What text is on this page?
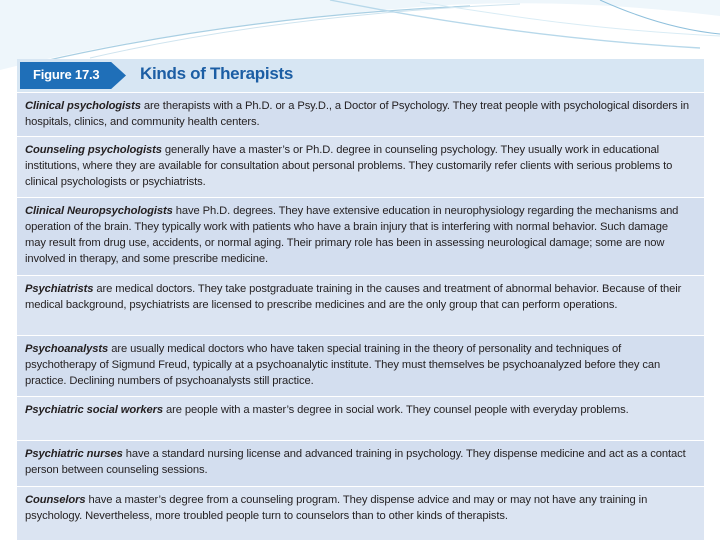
Figure 17.3 Kinds of Therapists
Clinical psychologists are therapists with a Ph.D. or a Psy.D., a Doctor of Psychology. They treat people with psychological disorders in hospitals, clinics, and community health centers.
Counseling psychologists generally have a master’s or Ph.D. degree in counseling psychology. They usually work in educational institutions, where they are available for consultation about personal problems. They customarily refer clients with serious problems to clinical psychologists or psychiatrists.
Clinical Neuropsychologists have Ph.D. degrees. They have extensive education in neurophysiology regarding the mechanisms and operation of the brain. They typically work with patients who have a brain injury that is interfering with normal behavior. Such damage may result from drug use, accidents, or normal aging. Their primary role has been in assessing neurological damage; some are now involved in therapy, and some prescribe medicine.
Psychiatrists are medical doctors. They take postgraduate training in the causes and treatment of abnormal behavior. Because of their medical background, psychiatrists are licensed to prescribe medicines and are the only group that can perform operations.
Psychoanalysts are usually medical doctors who have taken special training in the theory of personality and techniques of psychotherapy of Sigmund Freud, typically at a psychoanalytic institute. They must themselves be psychoanalyzed before they can practice. Declining numbers of psychoanalysts still practice.
Psychiatric social workers are people with a master’s degree in social work. They counsel people with everyday problems.
Psychiatric nurses have a standard nursing license and advanced training in psychology. They dispense medicine and act as a contact person between counseling sessions.
Counselors have a master’s degree from a counseling program. They dispense advice and may or may not have any training in psychology. Nevertheless, more troubled people turn to counselors than to other kinds of therapists.
